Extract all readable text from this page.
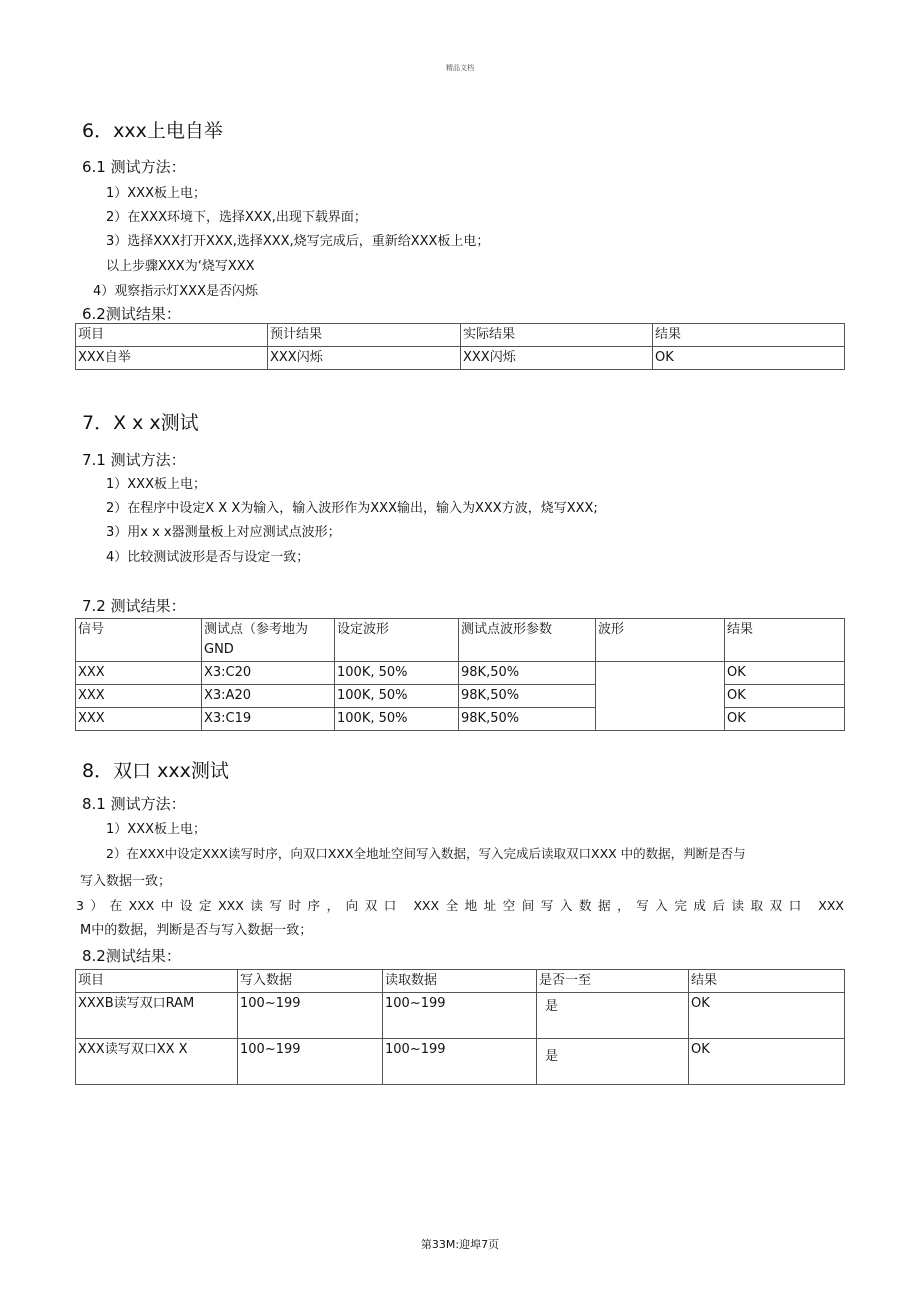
精品文档
6．xxx上电自举
6.1 测试方法：
1）XXX板上电；
2）在XXX环境下，选择XXX,出现下载界面；
3）选择XXX打开XXX,选择XXX,烧写完成后，重新给XXX板上电；
以上步骤XXX为‘烧写XXX
4）观察指示灯XXX是否闪烁
6.2测试结果：
项目	预计结果	实际结果	结果
XXX自举	XXX闪烁	XXX闪烁	OK
7．X x x测试
7.1 测试方法：
1）XXX板上电；
2）在程序中设定X X X为输入，输入波形作为XXX输出，输入为XXX方波，烧写XXX;
3）用x x x器测量板上对应测试点波形；
4）比较测试波形是否与设定一致；
7.2 测试结果：
信号	测试点（参考地为GND	设定波形	测试点波形参数	波形	结果
XXX	X3:C20	100K, 50%	98K,50%		OK
XXX	X3:A20	100K, 50%	98K,50%		OK
XXX	X3:C19	100K, 50%	98K,50%		OK
8．双口 xxx测试
8.1 测试方法：
1）XXX板上电；
2）在XXX中设定XXX读写时序，向双口XXX全地址空间写入数据，写入完成后读取双口XXX 中的数据，判断是否与
写入数据一致；
3）在XXX中设定XXX读写时序，向双口 XXX全地址空间写入数据，写入完成后读取双口 XXX
M中的数据，判断是否与写入数据一致；
8.2测试结果：
项目	写入数据	读取数据	是否一至	结果
XXXB读写双口RAM	100~199	100~199	是	OK
XXX读写双口XX X	100~199	100~199	是	OK
第33M:迎埠7页
